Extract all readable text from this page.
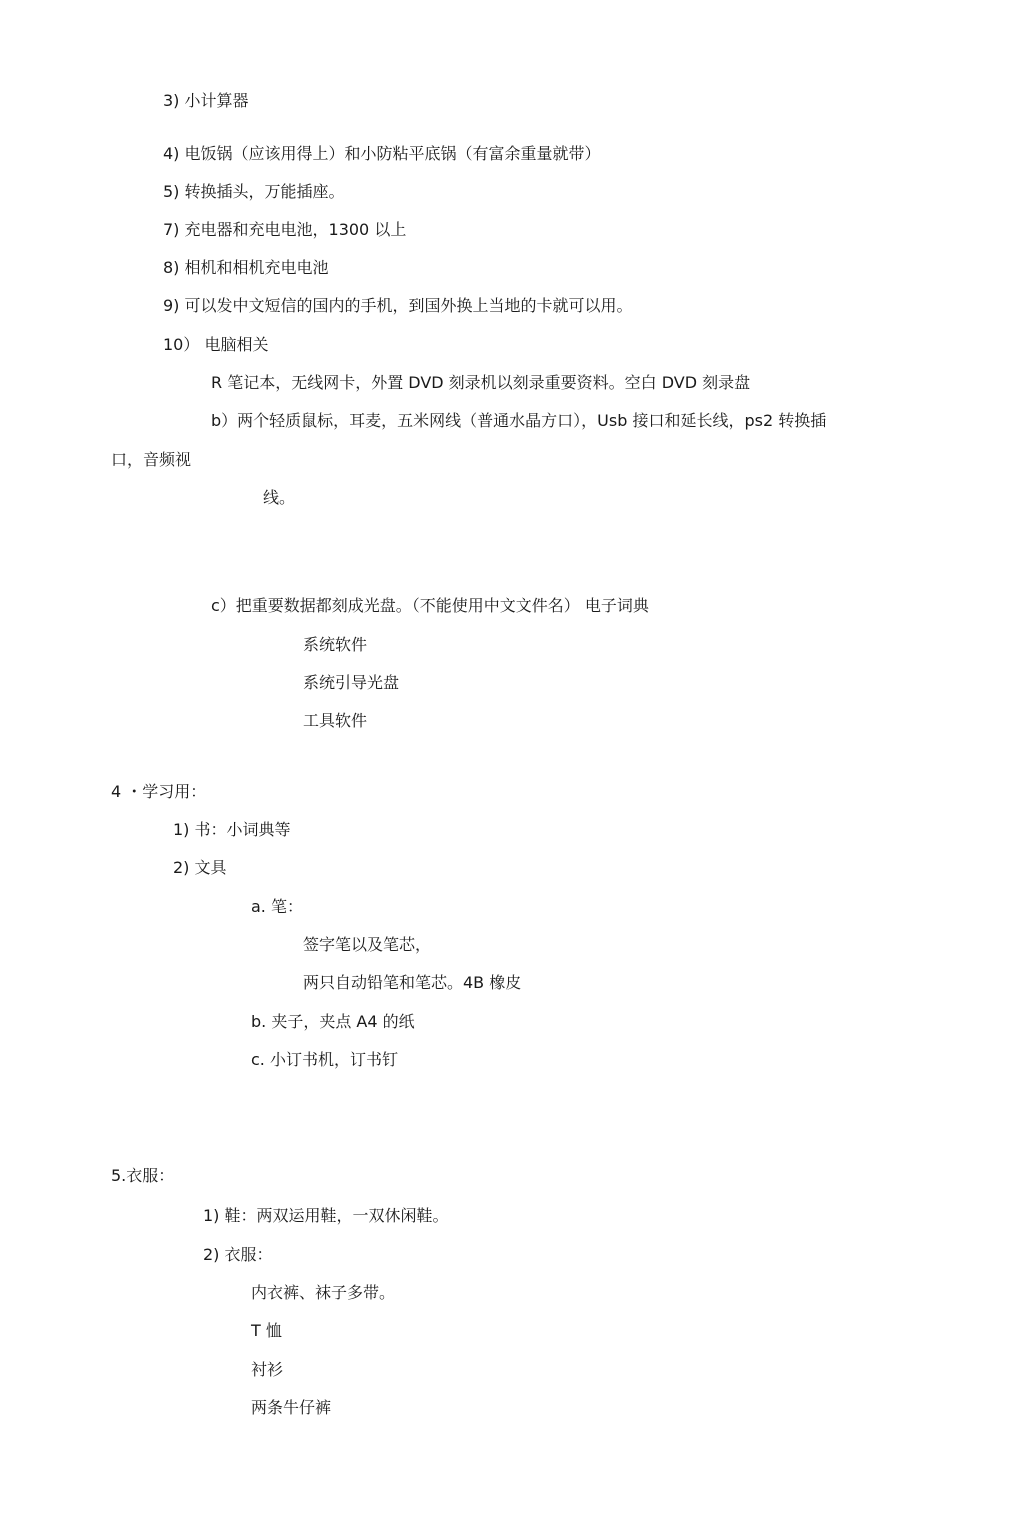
3) 小计算器
4) 电饭锅（应该用得上）和小防粘平底锅（有富余重量就带）
5) 转换插头，万能插座。
7) 充电器和充电电池，1300 以上
8) 相机和相机充电电池
9) 可以发中文短信的国内的手机，到国外换上当地的卡就可以用。
10） 电脑相关
R 笔记本，无线网卡，外置 DVD 刻录机以刻录重要资料。空白 DVD 刻录盘
b）两个轻质鼠标，耳麦，五米网线（普通水晶方口），Usb 接口和延长线，ps2 转换插
口，音频视
线。
c）把重要数据都刻成光盘。（不能使用中文文件名） 电子词典
系统软件
系统引导光盘
工具软件
4 ・学习用：
1) 书：小词典等
2) 文具
a. 笔：
签字笔以及笔芯，
两只自动铅笔和笔芯。4B 橡皮
b. 夹子，夹点 A4 的纸
c. 小订书机，订书钉
5.衣服：
1) 鞋：两双运用鞋，一双休闲鞋。
2) 衣服：
内衣裤、袜子多带。
T 恤
衬衫
两条牛仔裤
